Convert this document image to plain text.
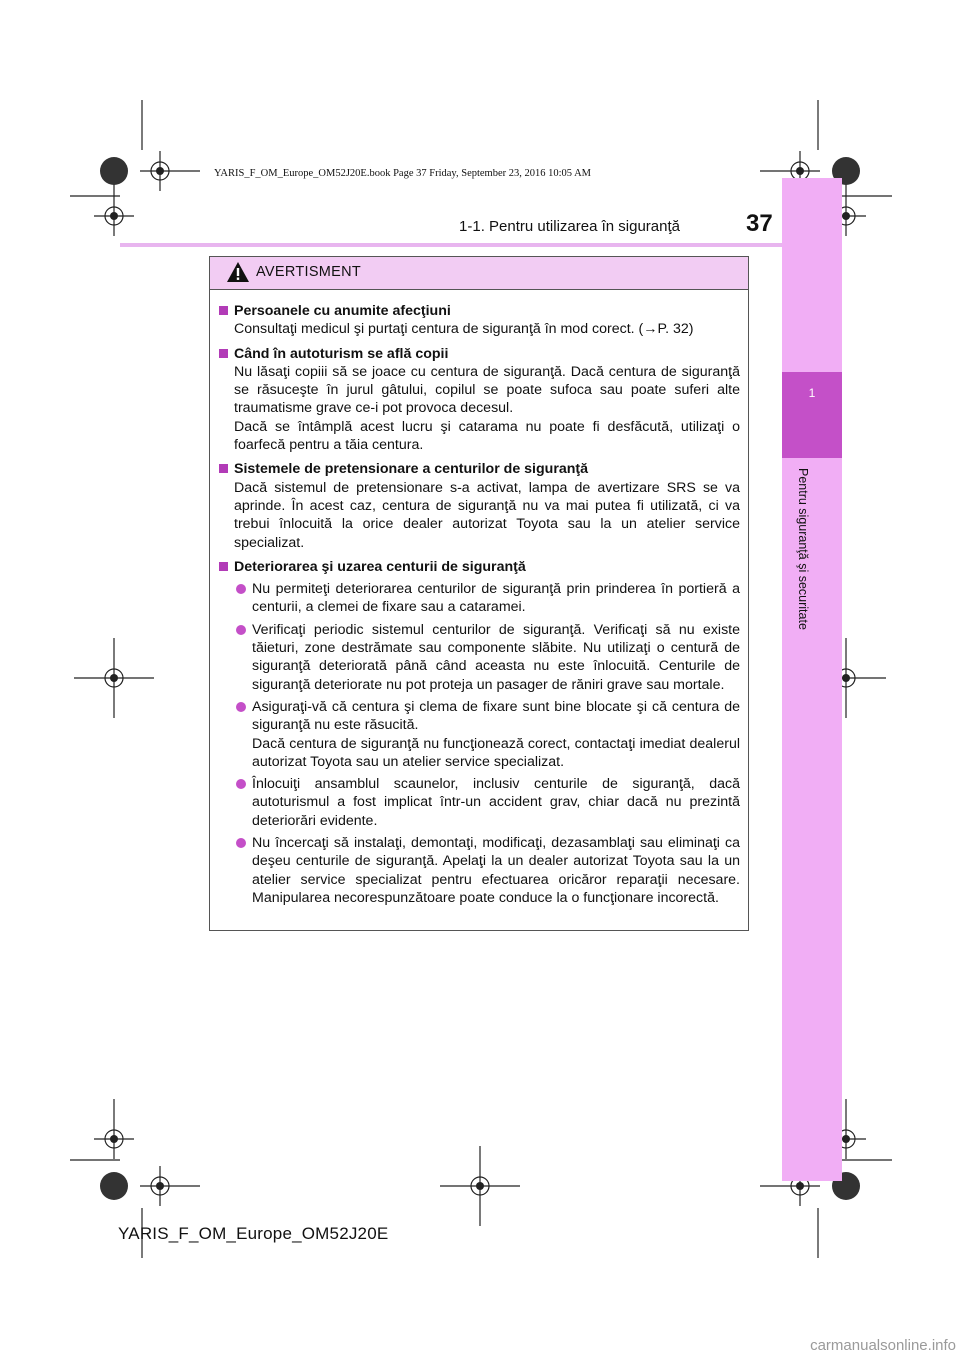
YARIS_F_OM_Europe_OM52J20E.book Page 37 Friday, September 23, 2016 10:05 AM
1-1. Pentru utilizarea în siguranţă	37
1
Pentru siguranţă şi securitate
AVERTISMENT
Persoanele cu anumite afecţiuni
Consultaţi medicul şi purtaţi centura de siguranţă în mod corect. (→P. 32)
Când în autoturism se află copii
Nu lăsaţi copiii să se joace cu centura de siguranţă. Dacă centura de siguranţă se răsuceşte în jurul gâtului, copilul se poate sufoca sau poate suferi alte traumatisme grave ce-i pot provoca decesul.
Dacă se întâmplă acest lucru şi catarama nu poate fi desfăcută, utilizaţi o foarfecă pentru a tăia centura.
Sistemele de pretensionare a centurilor de siguranţă
Dacă sistemul de pretensionare s-a activat, lampa de avertizare SRS se va aprinde. În acest caz, centura de siguranţă nu va mai putea fi utilizată, ci va trebui înlocuită la orice dealer autorizat Toyota sau la un atelier service specializat.
Deteriorarea şi uzarea centurii de siguranţă
Nu permiteţi deteriorarea centurilor de siguranţă prin prinderea în portieră a centurii, a clemei de fixare sau a cataramei.
Verificaţi periodic sistemul centurilor de siguranţă. Verificaţi să nu existe tăieturi, zone destrămate sau componente slăbite. Nu utilizaţi o centură de siguranţă deteriorată până când aceasta nu este înlocuită. Centurile de siguranţă deteriorate nu pot proteja un pasager de răniri grave sau mortale.
Asiguraţi-vă că centura şi clema de fixare sunt bine blocate şi că centura de siguranţă nu este răsucită.
Dacă centura de siguranţă nu funcţionează corect, contactaţi imediat dealerul autorizat Toyota sau un atelier service specializat.
Înlocuiţi ansamblul scaunelor, inclusiv centurile de siguranţă, dacă autoturismul a fost implicat într-un accident grav, chiar dacă nu prezintă deteriorări evidente.
Nu încercaţi să instalaţi, demontaţi, modificaţi, dezasamblaţi sau eliminaţi ca deşeu centurile de siguranţă. Apelaţi la un dealer autorizat Toyota sau la un atelier service specializat pentru efectuarea oricăror reparaţii necesare. Manipularea necorespunzătoare poate conduce la o funcţionare incorectă.
YARIS_F_OM_Europe_OM52J20E
carmanualsonline.info
